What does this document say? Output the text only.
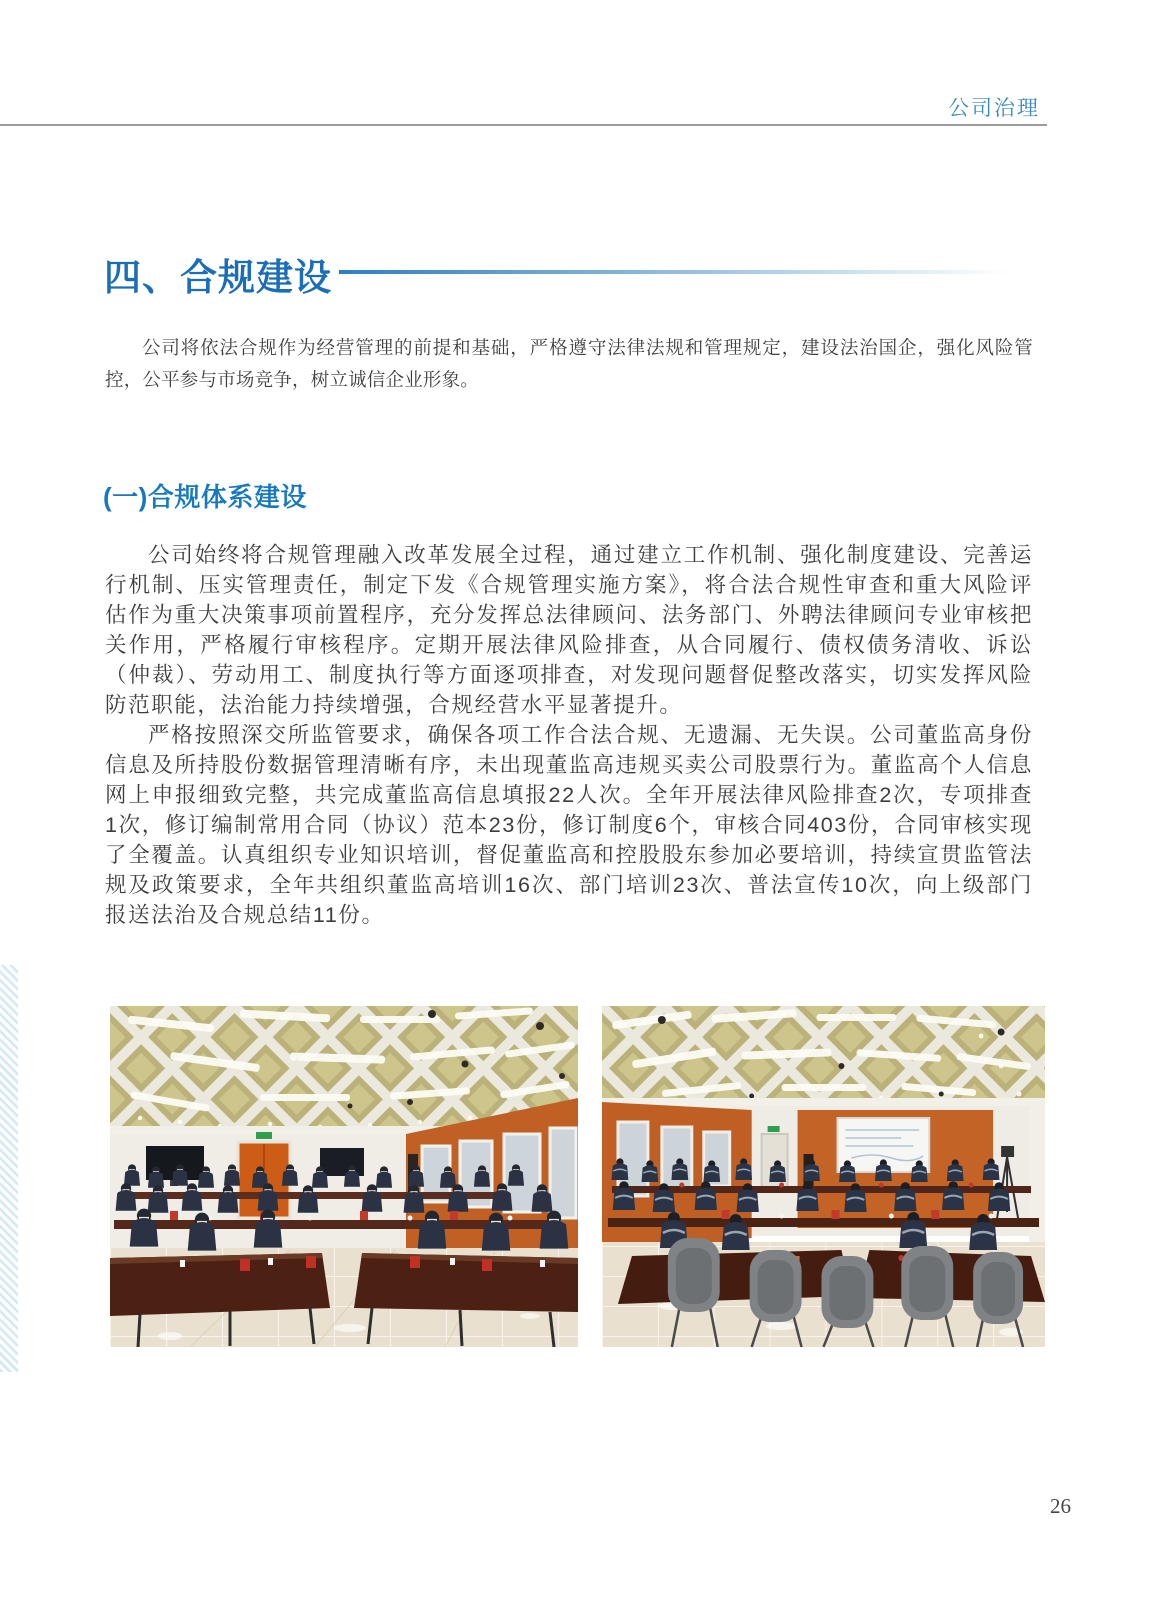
公司治理
四、合规建设

公司将依法合规作为经营管理的前提和基础，严格遵守法律法规和管理规定，建设法治国企，强化风险管控，公平参与市场竞争，树立诚信企业形象。

(一)合规体系建设

公司始终将合规管理融入改革发展全过程，通过建立工作机制、强化制度建设、完善运行机制、压实管理责任，制定下发《合规管理实施方案》，将合法合规性审查和重大风险评估作为重大决策事项前置程序，充分发挥总法律顾问、法务部门、外聘法律顾问专业审核把关作用，严格履行审核程序。定期开展法律风险排查，从合同履行、债权债务清收、诉讼（仲裁）、劳动用工、制度执行等方面逐项排查，对发现问题督促整改落实，切实发挥风险防范职能，法治能力持续增强，合规经营水平显著提升。

严格按照深交所监管要求，确保各项工作合法合规、无遗漏、无失误。公司董监高身份信息及所持股份数据管理清晰有序，未出现董监高违规买卖公司股票行为。董监高个人信息网上申报细致完整，共完成董监高信息填报22人次。全年开展法律风险排查2次，专项排查1次，修订编制常用合同（协议）范本23份，修订制度6个，审核合同403份，合同审核实现了全覆盖。认真组织专业知识培训，督促董监高和控股股东参加必要培训，持续宣贯监管法规及政策要求，全年共组织董监高培训16次、部门培训23次、普法宣传10次，向上级部门报送法治及合规总结11份。

26
